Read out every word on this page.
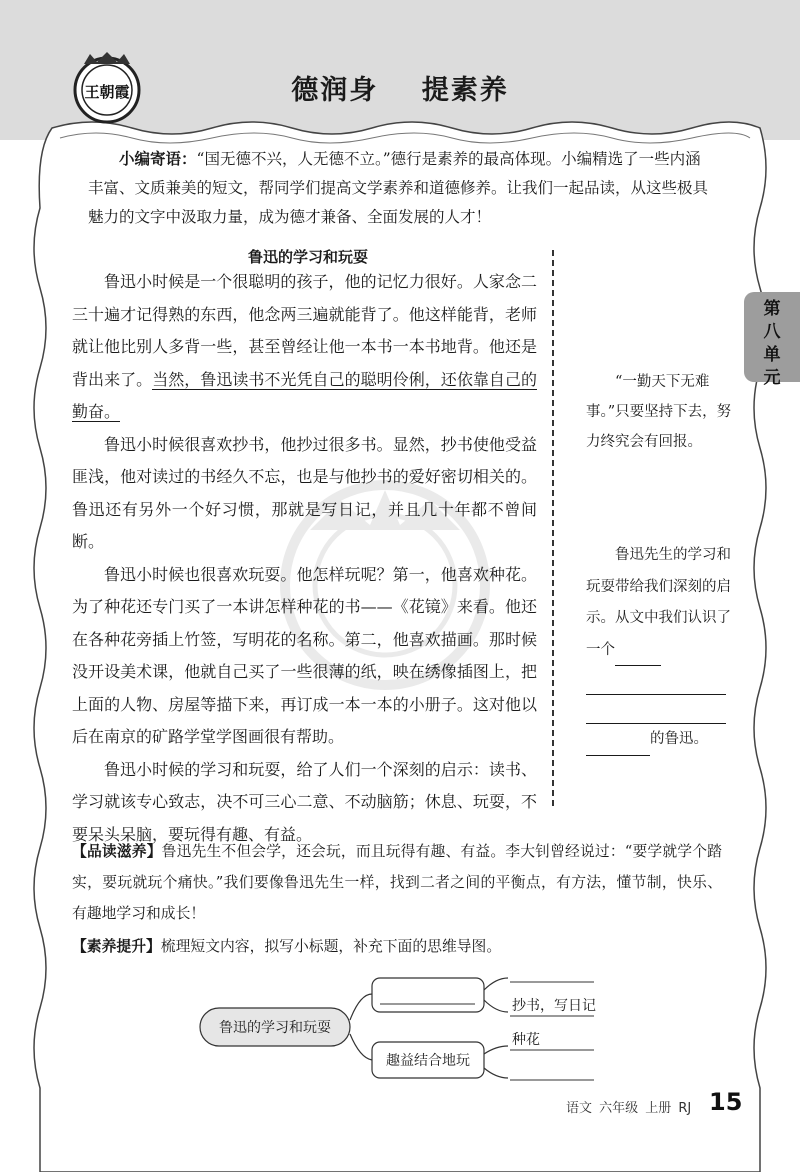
王朝霞	德润身 提素养
第八单元
小编寄语：“国无德不兴，人无德不立。”德行是素养的最高体现。小编精选了一些内涵丰富、文质兼美的短文，帮同学们提高文学素养和道德修养。让我们一起品读，从这些极具魅力的文字中汲取力量，成为德才兼备、全面发展的人才！
鲁迅的学习和玩耍

鲁迅小时候是一个很聪明的孩子，他的记忆力很好。人家念二三十遍才记得熟的东西，他念两三遍就能背了。他这样能背，老师就让他比别人多背一些，甚至曾经让他一本书一本书地背。他还是背出来了。当然，鲁迅读书不光凭自己的聪明伶俐，还依靠自己的勤奋。

鲁迅小时候很喜欢抄书，他抄过很多书。显然，抄书使他受益匪浅，他对读过的书经久不忘，也是与他抄书的爱好密切相关的。鲁迅还有另外一个好习惯，那就是写日记，并且几十年都不曾间断。

鲁迅小时候也很喜欢玩耍。他怎样玩呢？第一，他喜欢种花。为了种花还专门买了一本讲怎样种花的书——《花镜》来看。他还在各种花旁插上竹签，写明花的名称。第二，他喜欢描画。那时候没开设美术课，他就自己买了一些很薄的纸，映在绣像插图上，把上面的人物、房屋等描下来，再订成一本一本的小册子。这对他以后在南京的矿路学堂学图画很有帮助。

鲁迅小时候的学习和玩耍，给了人们一个深刻的启示：读书、学习就该专心致志，决不可三心二意、不动脑筋；休息、玩耍，不要呆头呆脑，要玩得有趣、有益。

“一勤天下无难事。”只要坚持下去，努力终究会有回报。
鲁迅先生的学习和玩耍带给我们深刻的启示。从文中我们认识了一个
的鲁迅。
【品读滋养】鲁迅先生不但会学，还会玩，而且玩得有趣、有益。李大钊曾经说过：“要学就学个踏实，要玩就玩个痛快。”我们要像鲁迅先生一样，找到二者之间的平衡点，有方法，懂节制，快乐、有趣地学习和成长！
【素养提升】梳理短文内容，拟写小标题，补充下面的思维导图。
鲁迅的学习和玩耍
趣益结合地玩
抄书，写日记
种花
语文 六年级 上册 RJ 15
